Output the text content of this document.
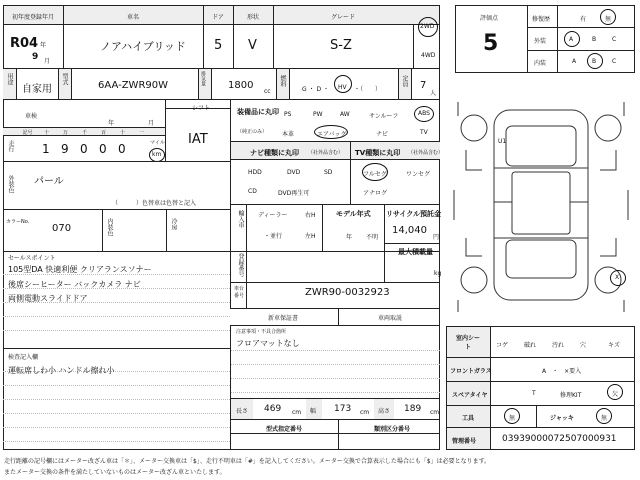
初年度登録年月	車名	ドア	形状	グレード
R04 年
9 月
ノアハイブリッド 5 V	S-Z
2WD
4WD
用途
自家用
型式
6AA-ZWR90W	排気量 1800
cc
燃料
G ・ D ・ HV ・（　　）
定員 7
人
車検
年	月
記号	十	万	千	百	十	一
走行 1 9 0 0 0	マイル
km
IAT
外装色 パール
（　　　）色替車は色替と記入
カラーNo.
070	内装色	冷房
装備品に丸印
（純正のみ）
PS	PW	AW	サンルーフ	ABS
本革	エアバッグ	ナビ	TV
ナビ種類に丸印 （社外品含む） TV種類に丸印 （社外品含む）
HDD	DVD	SD
CD	DVD再生可
フルセグ	ワンセグ
アナログ
輸入車 ディーラー
・並行
右H
左H
モデル年式
年 不明
リサイクル預託金
14,040
円
最大積載量
kg
登録番号
車台番号	ZWR90-0032923
新車保証書	車両取説
セールスポイント
105型DA 快適利便 クリアランスソナー
後席シーヒーター バックカメラ ナビ
両側電動スライドドア
検査記入欄
運転席しわ小 ハンドル擦れ小
注意事項・不具合箇所
フロアマットなし
長さ 469 cm 幅 173 cm 高さ 189 cm
型式指定番号	類別区分番号
評価点
5
修復歴	有	無
外装	A	B	C
内装	A	B	C
U1
X
室内シート	コゲ	破れ	汚れ	穴	キズ
フロントガラス	A　・　×要入
スペアタイヤ	T	修理KIT	欠
工具	無	ジャッキ	無
管理番号	03939000072507000931
走行距離の記号欄にはメーター改ざん車は「＊」、メーター交換車は「$」、走行不明車は「#」を記入してください。メーター交換で合算表示した場合にも「$」は必要となります。
またメーター交換の条件を満たしていないものはメーター改ざん車といたします。
